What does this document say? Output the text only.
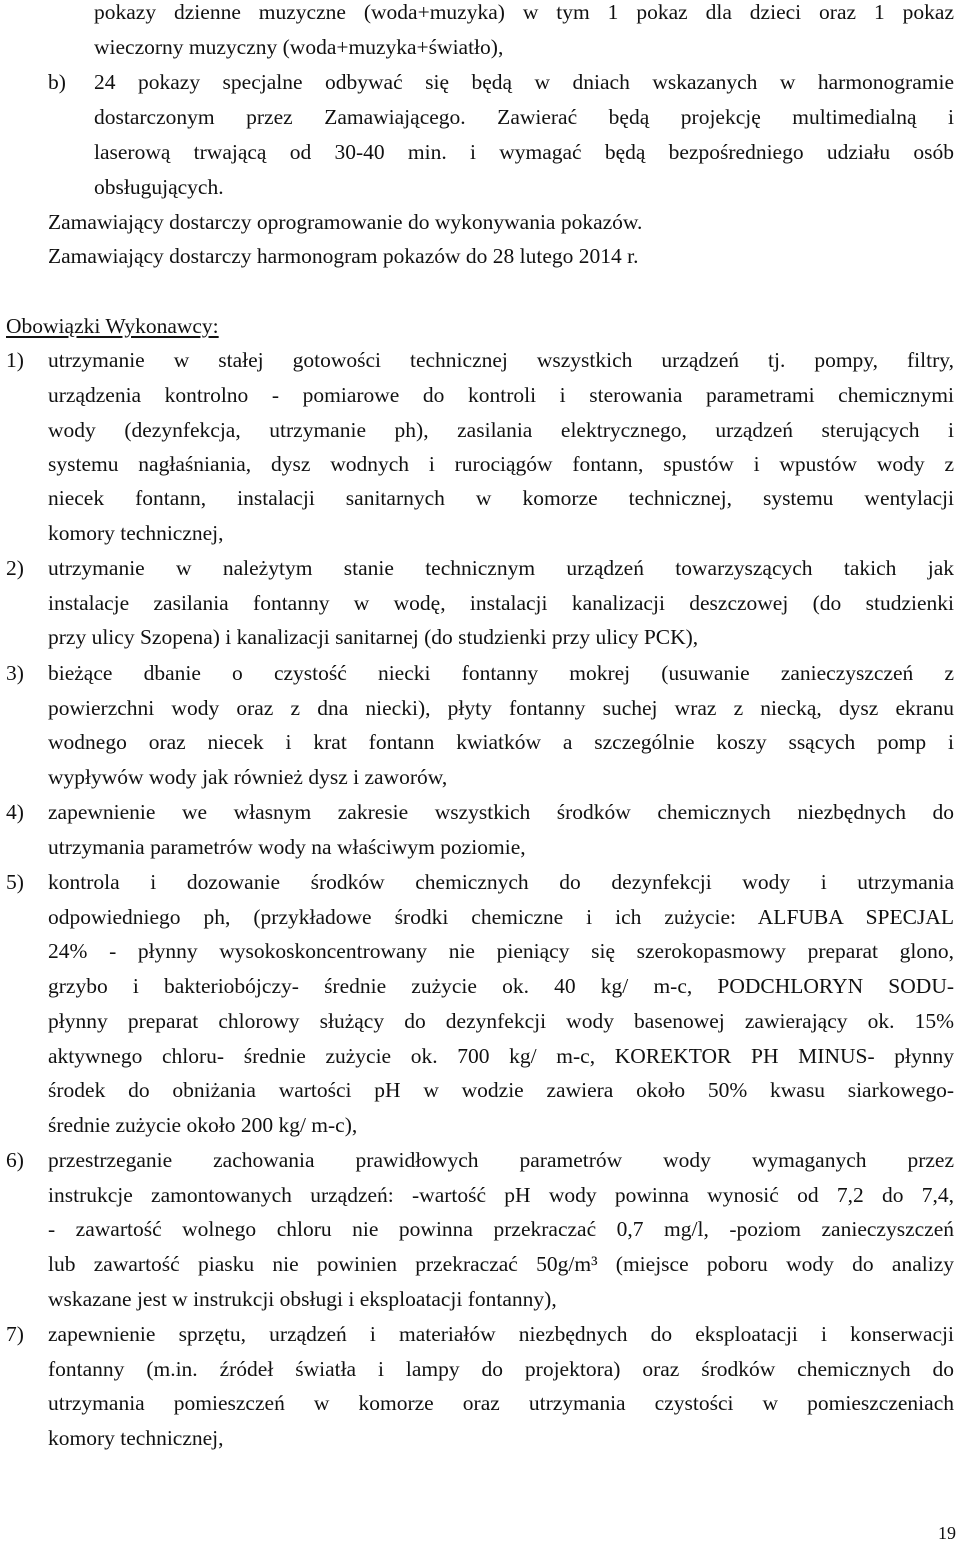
pokazy dzienne muzyczne (woda+muzyka) w tym 1 pokaz dla dzieci oraz 1 pokaz
wieczorny muzyczny (woda+muzyka+światło),
b) 24 pokazy specjalne odbywać się będą w dniach wskazanych w harmonogramie
dostarczonym przez Zamawiającego. Zawierać będą projekcję multimedialną i
laserową trwającą od 30-40 min. i wymagać będą bezpośredniego udziału osób
obsługujących.
Zamawiający dostarczy oprogramowanie do wykonywania pokazów.
Zamawiający dostarczy harmonogram pokazów do 28 lutego 2014 r.
Obowiązki Wykonawcy:
1) utrzymanie w stałej gotowości technicznej wszystkich urządzeń tj. pompy, filtry,
urządzenia kontrolno - pomiarowe do kontroli i sterowania parametrami chemicznymi
wody (dezynfekcja, utrzymanie ph), zasilania elektrycznego, urządzeń sterujących i
systemu nagłaśniania, dysz wodnych i rurociągów fontann, spustów i wpustów wody z
niecek fontann, instalacji sanitarnych w komorze technicznej, systemu wentylacji
komory technicznej,
2) utrzymanie w należytym stanie technicznym urządzeń towarzyszących takich jak
instalacje zasilania fontanny w wodę, instalacji kanalizacji deszczowej (do studzienki
przy ulicy Szopena) i kanalizacji sanitarnej (do studzienki przy ulicy PCK),
3) bieżące dbanie o czystość niecki fontanny mokrej (usuwanie zanieczyszczeń z
powierzchni wody oraz z dna niecki), płyty fontanny suchej wraz z niecką, dysz ekranu
wodnego oraz niecek i krat fontann kwiatków a szczególnie koszy ssących pomp i
wypływów wody jak również dysz i zaworów,
4) zapewnienie we własnym zakresie wszystkich środków chemicznych niezbędnych do
utrzymania parametrów wody na właściwym poziomie,
5) kontrola i dozowanie środków chemicznych do dezynfekcji wody i utrzymania
odpowiedniego ph, (przykładowe środki chemiczne i ich zużycie: ALFUBA SPECJAL
24% - płynny wysokoskoncentrowany nie pieniący się szerokopasmowy preparat glono,
grzybo i bakteriobójczy- średnie zużycie ok. 40 kg/ m-c, PODCHLORYN SODU-
płynny preparat chlorowy służący do dezynfekcji wody basenowej zawierający ok. 15%
aktywnego chloru- średnie zużycie ok. 700 kg/ m-c, KOREKTOR PH MINUS- płynny
środek do obniżania wartości pH w wodzie zawiera około 50% kwasu siarkowego-
średnie zużycie około 200 kg/ m-c),
6) przestrzeganie zachowania prawidłowych parametrów wody wymaganych przez
instrukcje zamontowanych urządzeń: -wartość pH wody powinna wynosić od 7,2 do 7,4,
- zawartość wolnego chloru nie powinna przekraczać 0,7 mg/l, -poziom zanieczyszczeń
lub zawartość piasku nie powinien przekraczać 50g/m³ (miejsce poboru wody do analizy
wskazane jest w instrukcji obsługi i eksploatacji fontanny),
7) zapewnienie sprzętu, urządzeń i materiałów niezbędnych do eksploatacji i konserwacji
fontanny (m.in. źródeł światła i lampy do projektora) oraz środków chemicznych do
utrzymania pomieszczeń w komorze oraz utrzymania czystości w pomieszczeniach
komory technicznej,
19
